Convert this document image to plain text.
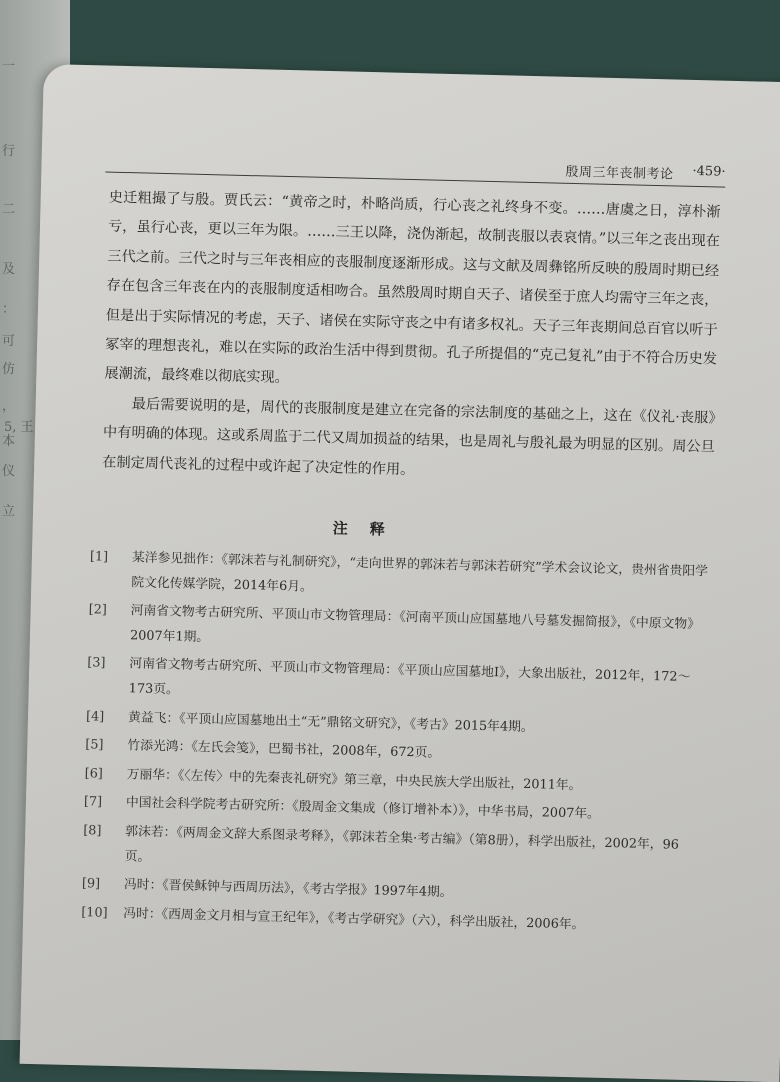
一
行
二
及
：
可
仿
，
本
仪
立
5, 王
殷周三年丧制考论 ·459·

史迁粗撮了与殷。贾氏云：“黄帝之时，朴略尚质，行心丧之礼终身不变。……唐虞之日，淳朴渐亏，虽行心丧，更以三年为限。……三王以降，浇伪渐起，故制丧服以表哀情。”以三年之丧出现在三代之前。三代之时与三年丧相应的丧服制度逐渐形成。这与文献及周彝铭所反映的殷周时期已经存在包含三年丧在内的丧服制度适相吻合。虽然殷周时期自天子、诸侯至于庶人均需守三年之丧，但是出于实际情况的考虑，天子、诸侯在实际守丧之中有诸多权礼。天子三年丧期间总百官以听于冢宰的理想丧礼，难以在实际的政治生活中得到贯彻。孔子所提倡的“克己复礼”由于不符合历史发展潮流，最终难以彻底实现。

最后需要说明的是，周代的丧服制度是建立在完备的宗法制度的基础之上，这在《仪礼·丧服》中有明确的体现。这或系周监于二代又周加损益的结果，也是周礼与殷礼最为明显的区别。周公旦在制定周代丧礼的过程中或许起了决定性的作用。

注释
[1]	某洋参见拙作：《郭沫若与礼制研究》，“走向世界的郭沫若与郭沫若研究”学术会议论文，贵州省贵阳学院文化传媒学院，2014年6月。
[2]	河南省文物考古研究所、平顶山市文物管理局：《河南平顶山应国墓地八号墓发掘简报》，《中原文物》2007年1期。
[3]	河南省文物考古研究所、平顶山市文物管理局：《平顶山应国墓地Ⅰ》，大象出版社，2012年，172～173页。
[4]	黄益飞：《平顶山应国墓地出土“无”鼎铭文研究》，《考古》2015年4期。
[5]	竹添光鸿：《左氏会笺》，巴蜀书社，2008年，672页。
[6]	万丽华：《〈左传〉中的先秦丧礼研究》第三章，中央民族大学出版社，2011年。
[7]	中国社会科学院考古研究所：《殷周金文集成（修订增补本）》，中华书局，2007年。
[8]	郭沫若：《两周金文辞大系图录考释》，《郭沫若全集·考古编》（第8册），科学出版社，2002年，96页。
[9]	冯时：《晋侯稣钟与西周历法》，《考古学报》1997年4期。
[10]	冯时：《西周金文月相与宣王纪年》，《考古学研究》（六），科学出版社，2006年。
